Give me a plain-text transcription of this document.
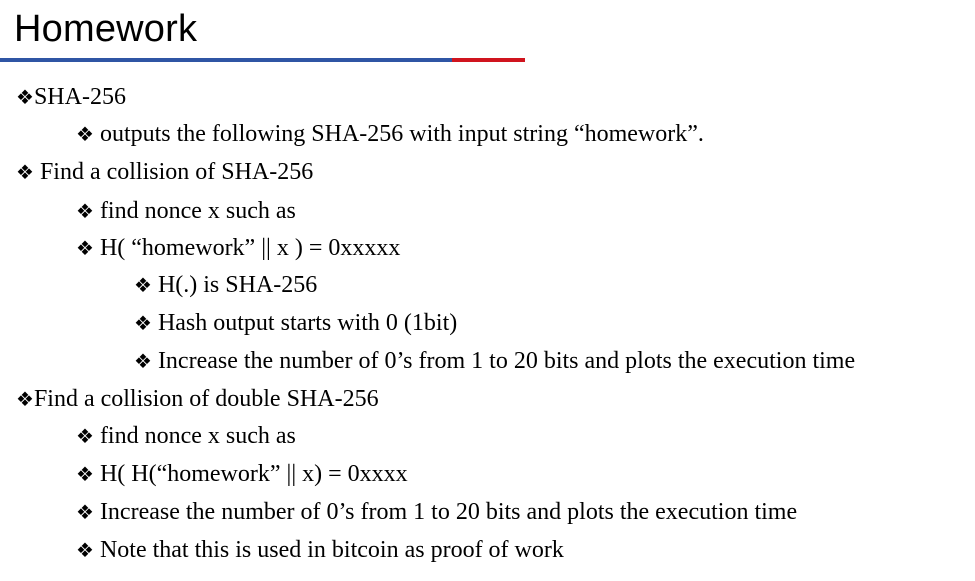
Homework
❖SHA-256
❖ outputs the following SHA-256 with input string “homework”.
❖ Find a collision of SHA-256
❖ find nonce x such as
❖ H( “homework” || x ) = 0xxxxx
❖ H(.) is SHA-256
❖ Hash output starts with 0 (1bit)
❖ Increase the number of 0’s from 1 to 20 bits and plots the execution time
❖Find a collision of double SHA-256
❖ find nonce x such as
❖ H( H(“homework” || x) = 0xxxx
❖ Increase the number of 0’s from 1 to 20 bits and plots the execution time
❖ Note that this is used in bitcoin as proof of work
